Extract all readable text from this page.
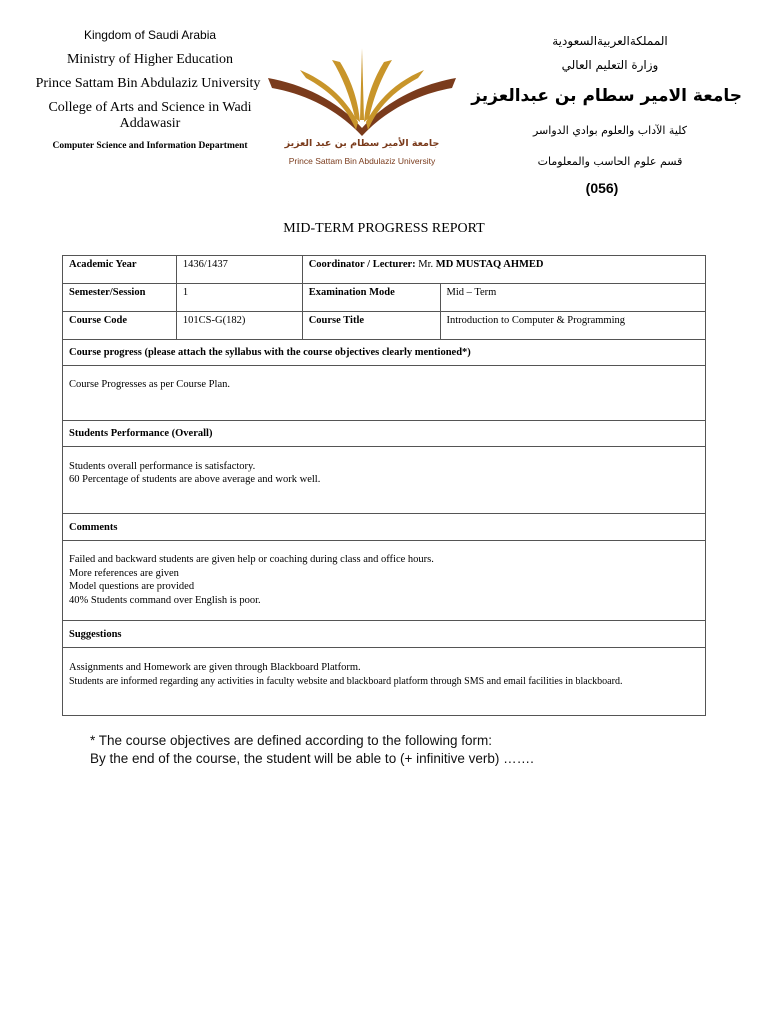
Kingdom of Saudi Arabia
Ministry of Higher Education
Prince Sattam Bin Abdulaziz University
College of Arts and Science in Wadi Addawasir
Computer Science and Information Department	جامعة الأمير سطام بن عبد العزيز
Prince Sattam Bin Abdulaziz University
المملكةالعربيةالسعودية
وزارة التعليم العالي
جامعة الامير سطام بن عبدالعزيز
كلية الآداب والعلوم بوادي الدواسر
قسم علوم الحاسب والمعلومات
(056)
MID-TERM PROGRESS REPORT
Academic Year	1436/1437	Coordinator / Lecturer: Mr. MD MUSTAQ AHMED	
Semester/Session	1	Examination Mode	Mid – Term
Course Code	101CS-G(182)	Course Title	Introduction to Computer & Programming
Course progress (please attach the syllabus with the course objectives clearly mentioned*)			

Course Progresses as per Course Plan.			

Students Performance (Overall)			

Students overall performance is satisfactory.
60 Percentage of students are above average and work well.			

Comments			

Failed and backward students are given help or coaching during class and office hours.
More references are given
Model questions are provided
40% Students command over English is poor.			

Suggestions			

Assignments and Homework are given through Blackboard Platform.
Students are informed regarding any activities in faculty website and blackboard platform through SMS and email facilities in blackboard.			
* The course objectives are defined according to the following form:
By the end of the course, the student will be able to (+ infinitive verb) …….
